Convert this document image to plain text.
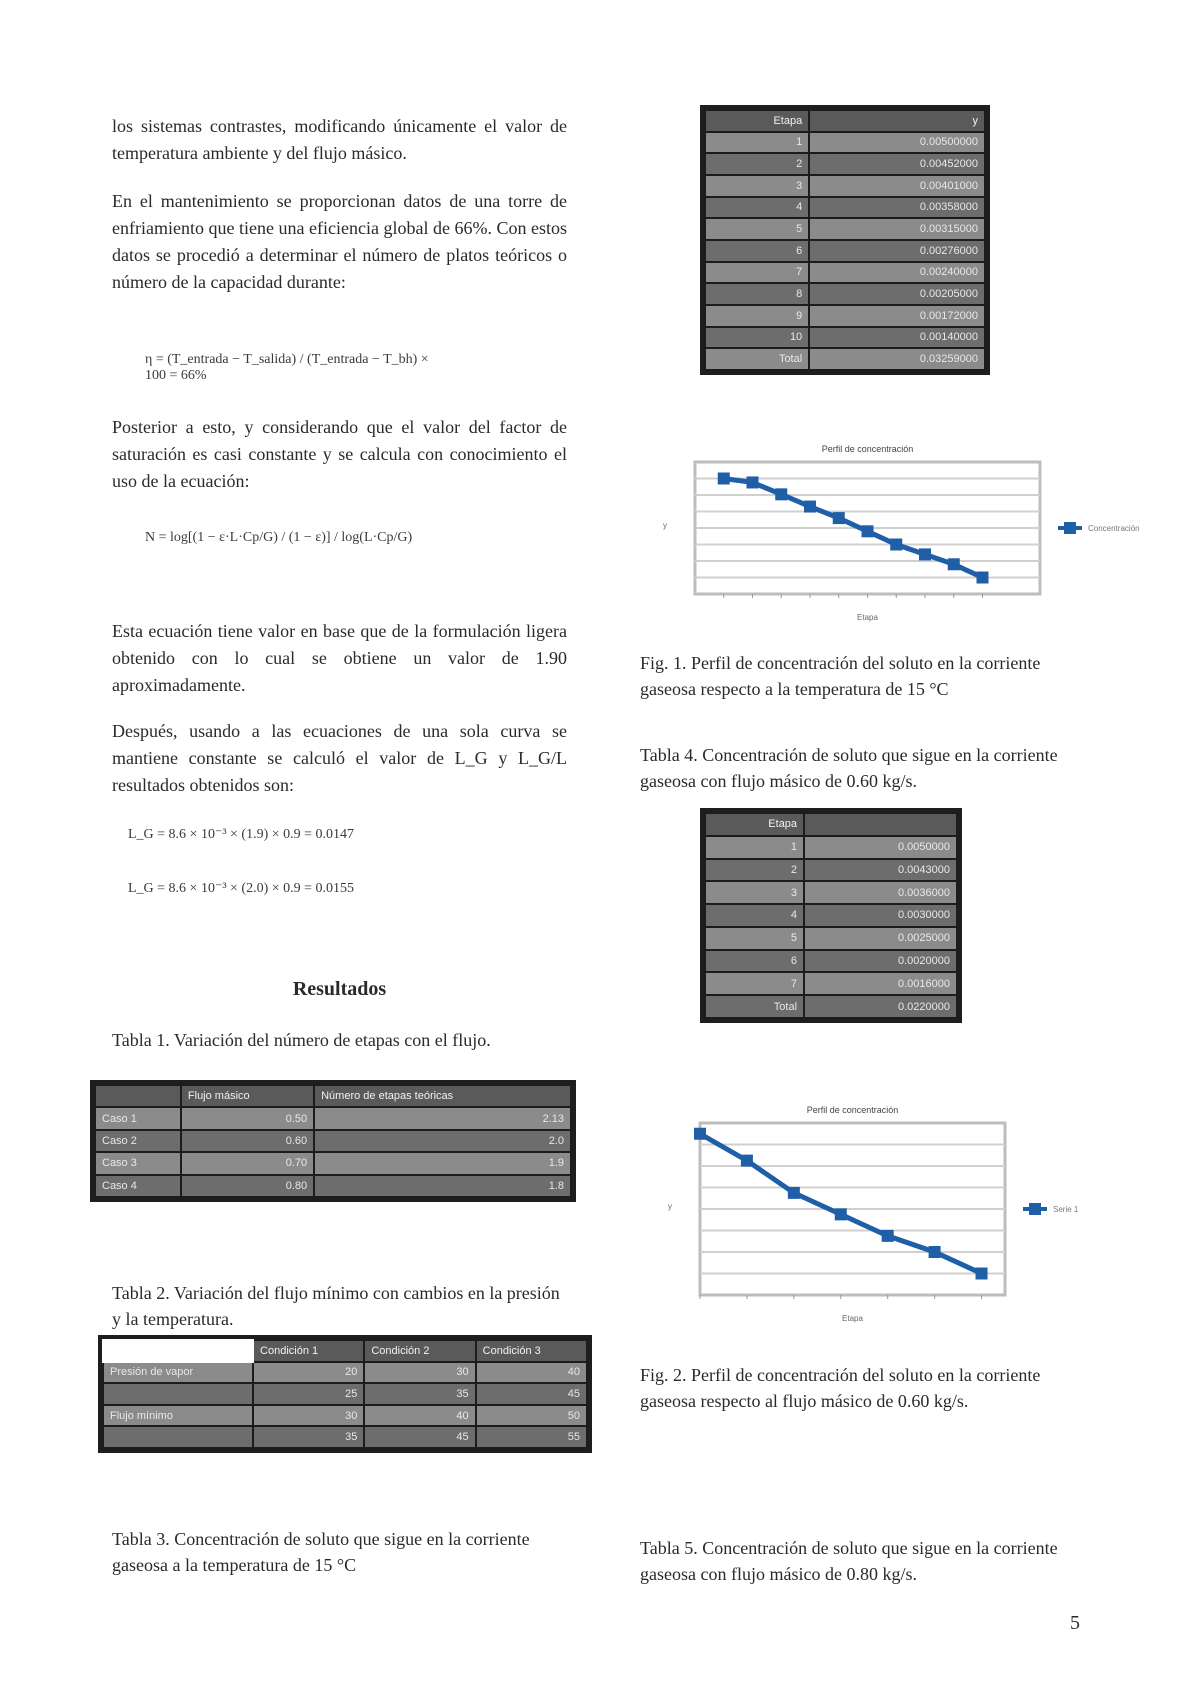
los sistemas contrastes, modificando únicamente el valor de temperatura ambiente y del flujo másico.

En el mantenimiento se proporcionan datos de una torre de enfriamiento que tiene una eficiencia global de 66%. Con estos datos se procedió a determinar el número de platos teóricos o número de la capacidad durante:

η = (T_entrada − T_salida) / (T_entrada − T_bh) × 100 = 66%

Posterior a esto, y considerando que el valor del factor de saturación es casi constante y se calcula con conocimiento el uso de la ecuación:

N = log[(1 − ε·L·Cp/G) / (1 − ε)] / log(L·Cp/G)

Esta ecuación tiene valor en base que de la formulación ligera obtenido con lo cual se obtiene un valor de 1.90 aproximadamente.

Después, usando a las ecuaciones de una sola curva se mantiene constante se calculó el valor de L_G y L_G/L resultados obtenidos son:

L_G = 8.6 × 10⁻³ × (1.9) × 0.9 = 0.0147
L_G = 8.6 × 10⁻³ × (2.0) × 0.9 = 0.0155
Resultados

Tabla 1. Variación del número de etapas con el flujo.

	Flujo másico	Número de etapas teóricas
Caso 1	0.50	2.13
Caso 2	0.60	2.0
Caso 3	0.70	1.9
Caso 4	0.80	1.8

Tabla 2. Variación del flujo mínimo con cambios en la presión y la temperatura.

	Condición 1	Condición 2	Condición 3
Presión de vapor	20	30	40
	25	35	45
Flujo mínimo	30	40	50
	35	45	55

Tabla 3. Concentración de soluto que sigue en la corriente gaseosa a la temperatura de 15 °C

Etapa	y
1	0.00500000
2	0.00452000
3	0.00401000
4	0.00358000
5	0.00315000
6	0.00276000
7	0.00240000
8	0.00205000
9	0.00172000
10	0.00140000
Total	0.03259000
Perfil de concentración
Etapa
y	Concentración

Fig. 1. Perfil de concentración del soluto en la corriente gaseosa respecto a la temperatura de 15 °C

Tabla 4. Concentración de soluto que sigue en la corriente gaseosa con flujo másico de 0.60 kg/s.

Etapa	
1	0.0050000
2	0.0043000
3	0.0036000
4	0.0030000
5	0.0025000
6	0.0020000
7	0.0016000
Total	0.0220000
Perfil de concentración
Etapa
y	Serie 1

Fig. 2. Perfil de concentración del soluto en la corriente gaseosa respecto al flujo másico de 0.60 kg/s.

Tabla 5. Concentración de soluto que sigue en la corriente gaseosa con flujo másico de 0.80 kg/s.

5
